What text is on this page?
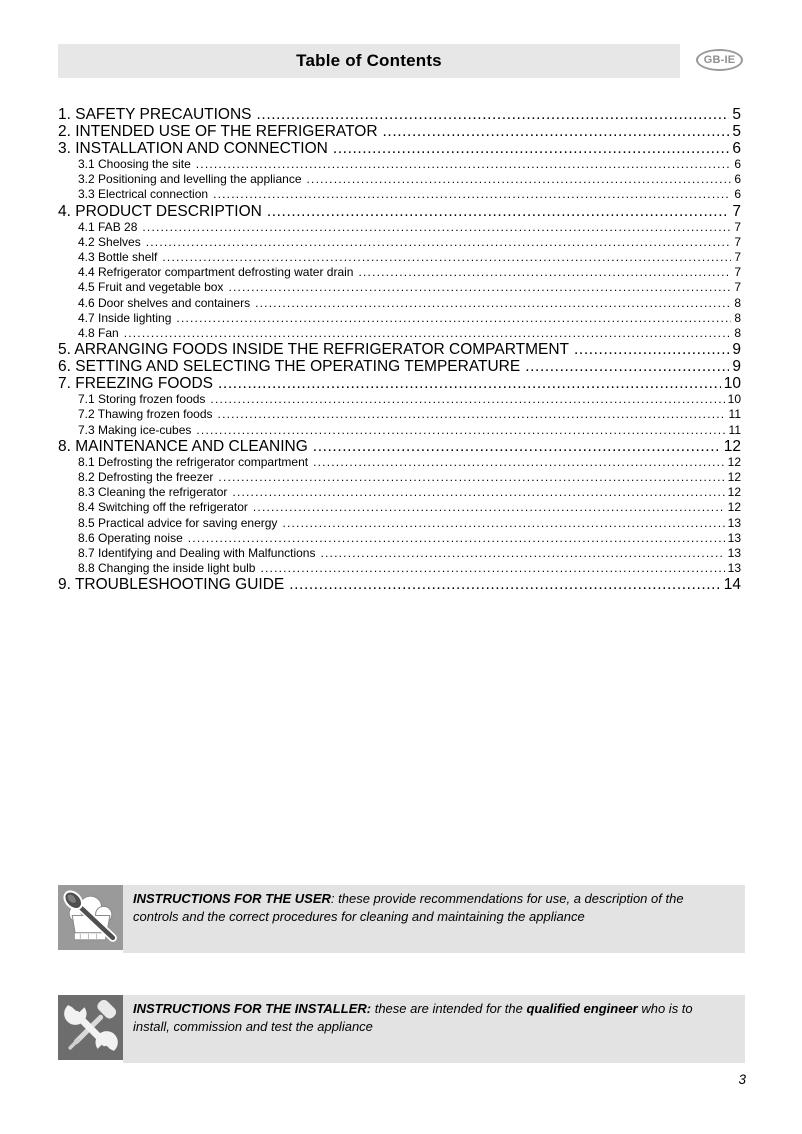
Table of Contents	GB-IE
1. SAFETY PRECAUTIONS .....	5
2. INTENDED USE OF THE REFRIGERATOR .....	5
3. INSTALLATION AND CONNECTION .....	6
3.1 Choosing the site .....	6
3.2 Positioning and levelling the appliance .....	6
3.3 Electrical connection .....	6
4. PRODUCT DESCRIPTION .....	7
4.1 FAB 28 .....	7
4.2 Shelves .....	7
4.3 Bottle shelf .....	7
4.4 Refrigerator compartment defrosting water drain .....	7
4.5 Fruit and vegetable box .....	7
4.6 Door shelves and containers .....	8
4.7 Inside lighting .....	8
4.8 Fan .....	8
5. ARRANGING FOODS INSIDE THE REFRIGERATOR COMPARTMENT .....	9
6. SETTING AND SELECTING THE OPERATING TEMPERATURE .....	9
7. FREEZING FOODS .....	10
7.1 Storing frozen foods .....	10
7.2 Thawing frozen foods .....	11
7.3 Making ice-cubes .....	11
8. MAINTENANCE AND CLEANING .....	12
8.1 Defrosting the refrigerator compartment .....	12
8.2 Defrosting the freezer .....	12
8.3 Cleaning the refrigerator .....	12
8.4 Switching off the refrigerator .....	12
8.5 Practical advice for saving energy .....	13
8.6 Operating noise .....	13
8.7 Identifying and Dealing with Malfunctions .....	13
8.8 Changing the inside light bulb .....	13
9. TROUBLESHOOTING GUIDE .....	14
INSTRUCTIONS FOR THE USER: these provide recommendations for use, a description of the controls and the correct procedures for cleaning and maintaining the appliance
INSTRUCTIONS FOR THE INSTALLER: these are intended for the qualified engineer who is to install, commission and test the appliance
3
